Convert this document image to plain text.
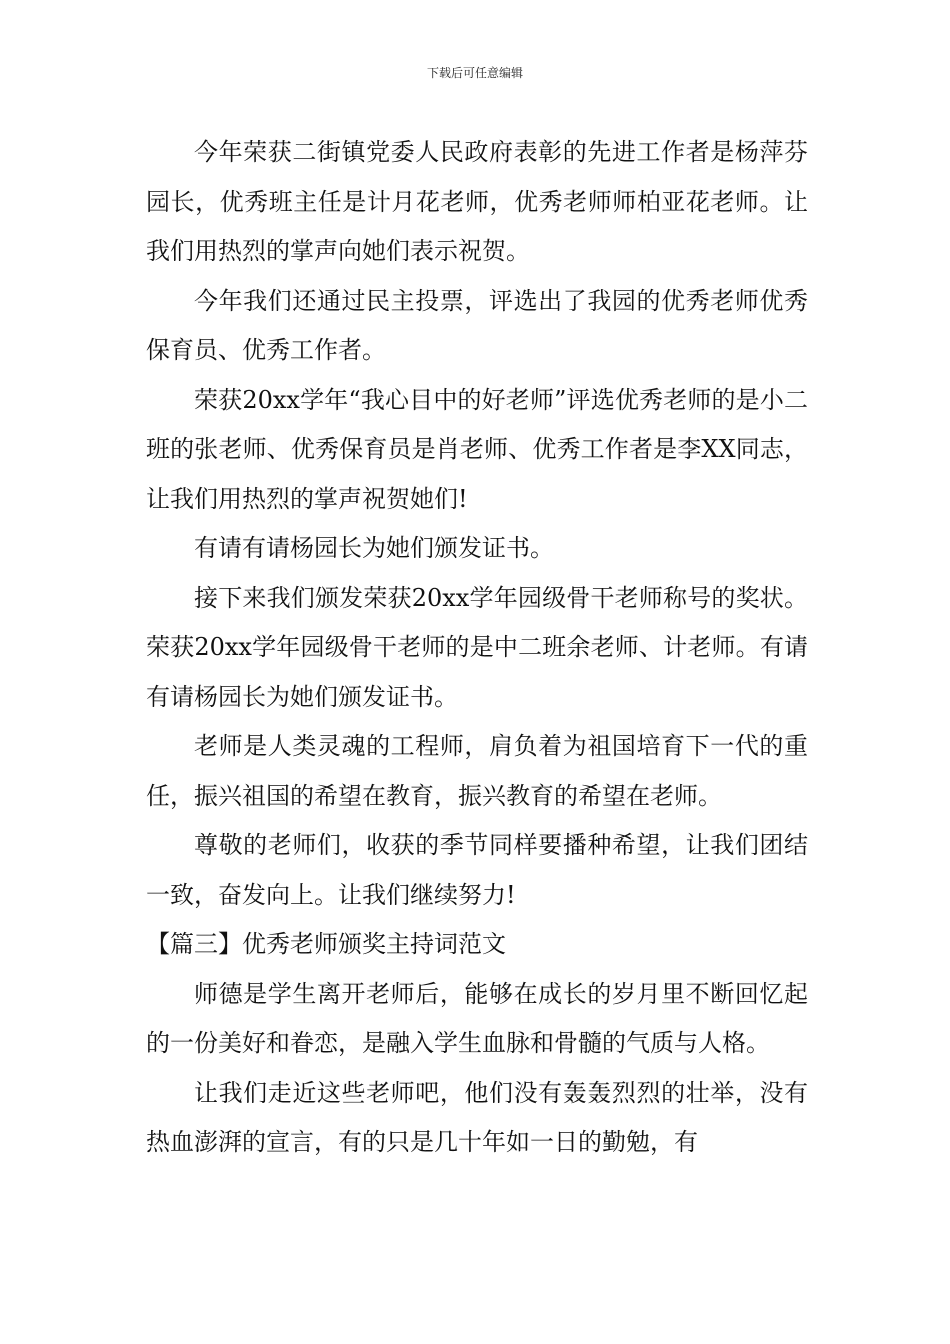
下载后可任意编辑

今年荣获二街镇党委人民政府表彰的先进工作者是杨萍芬园长，优秀班主任是计月花老师，优秀老师师柏亚花老师。让我们用热烈的掌声向她们表示祝贺。

今年我们还通过民主投票，评选出了我园的优秀老师优秀保育员、优秀工作者。

荣获20xx学年“我心目中的好老师”评选优秀老师的是小二班的张老师、优秀保育员是肖老师、优秀工作者是李XX同志，让我们用热烈的掌声祝贺她们!

有请有请杨园长为她们颁发证书。

接下来我们颁发荣获20xx学年园级骨干老师称号的奖状。荣获20xx学年园级骨干老师的是中二班余老师、计老师。有请有请杨园长为她们颁发证书。

老师是人类灵魂的工程师，肩负着为祖国培育下一代的重任，振兴祖国的希望在教育，振兴教育的希望在老师。

尊敬的老师们，收获的季节同样要播种希望，让我们团结一致，奋发向上。让我们继续努力!

【篇三】优秀老师颁奖主持词范文

师德是学生离开老师后，能够在成长的岁月里不断回忆起的一份美好和眷恋，是融入学生血脉和骨髓的气质与人格。

让我们走近这些老师吧，他们没有轰轰烈烈的壮举，没有热血澎湃的宣言，有的只是几十年如一日的勤勉，有
